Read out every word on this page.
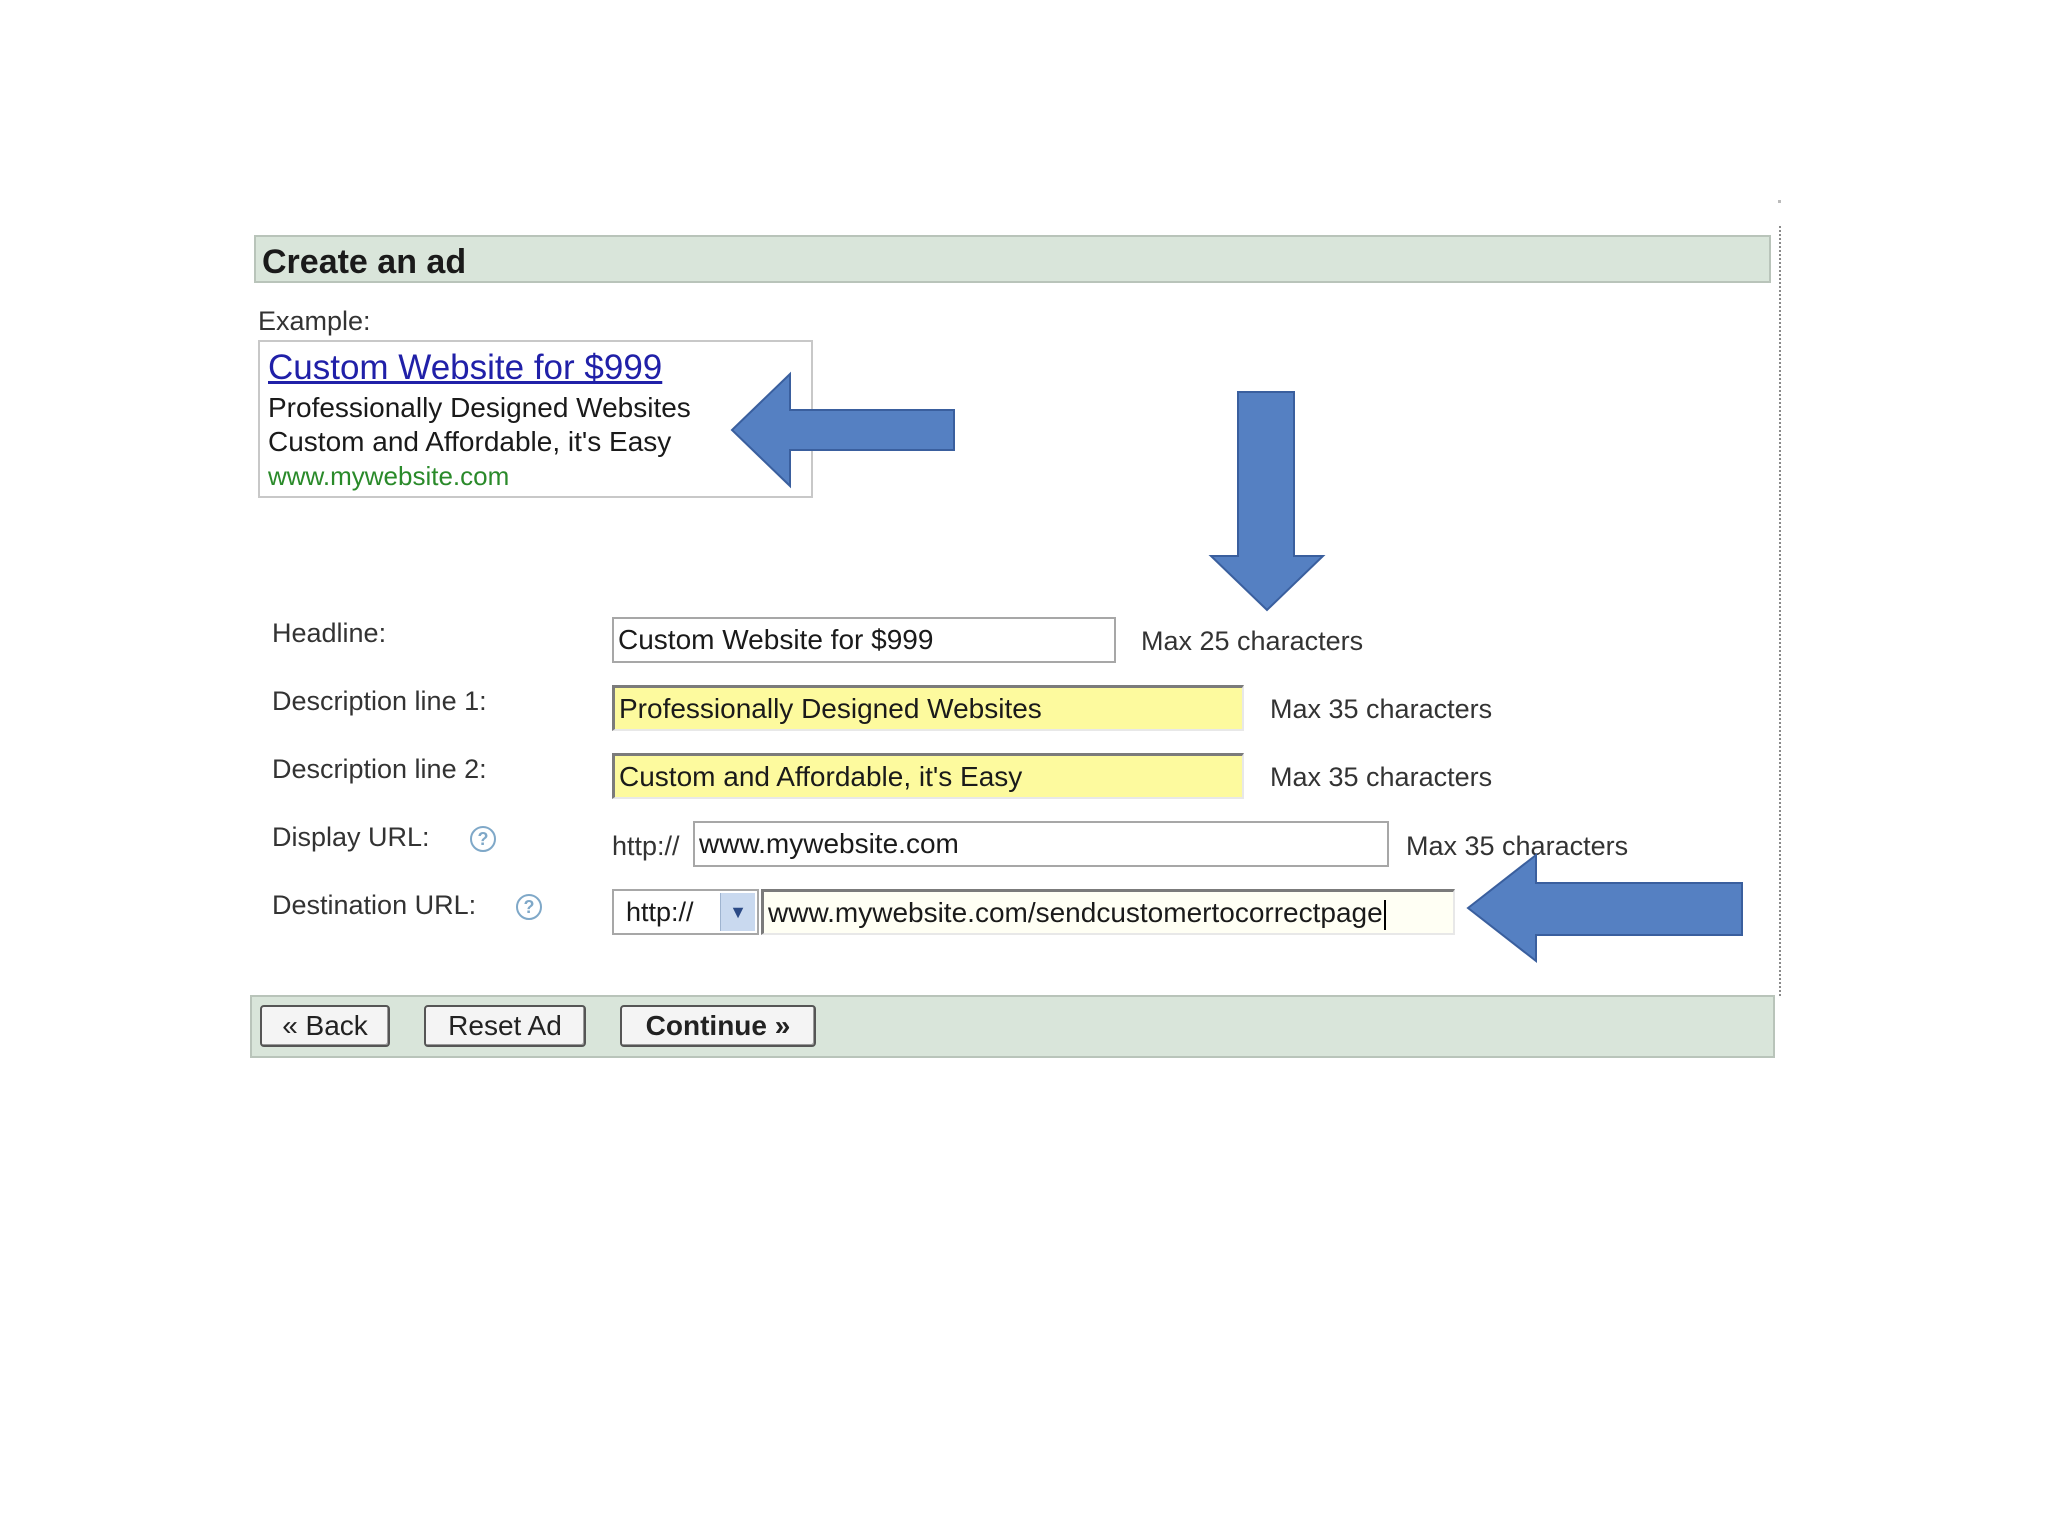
Create an ad
Example:
Custom Website for $999
Professionally Designed Websites
Custom and Affordable, it's Easy
www.mywebsite.com
Headline:	Custom Website for $999	Max 25 characters
Description line 1:	Professionally Designed Websites	Max 35 characters
Description line 2:	Custom and Affordable, it's Easy	Max 35 characters
Display URL:	?	http:// www.mywebsite.com	Max 35 characters
Destination URL:	?	http://	▼ www.mywebsite.com/sendcustomertocorrectpage
« Back	Reset Ad	Continue »
